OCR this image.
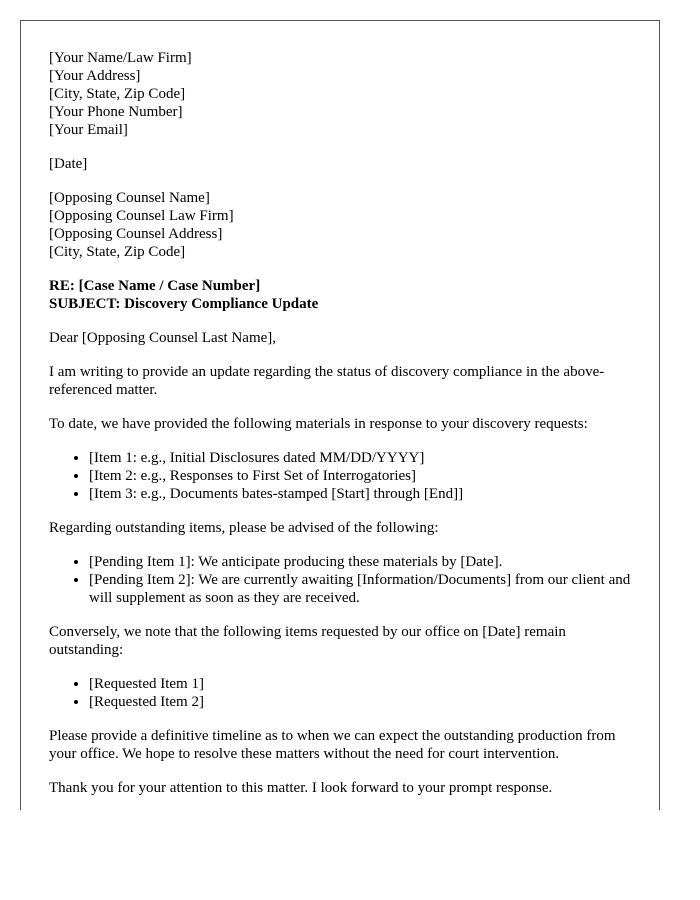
[Your Name/Law Firm]
[Your Address]
[City, State, Zip Code]
[Your Phone Number]
[Your Email]
[Date]
[Opposing Counsel Name]
[Opposing Counsel Law Firm]
[Opposing Counsel Address]
[City, State, Zip Code]
RE: [Case Name / Case Number]
SUBJECT: Discovery Compliance Update

Dear [Opposing Counsel Last Name],

I am writing to provide an update regarding the status of discovery compliance in the above-referenced matter.

To date, we have provided the following materials in response to your discovery requests:

• [Item 1: e.g., Initial Disclosures dated MM/DD/YYYY]
• [Item 2: e.g., Responses to First Set of Interrogatories]
• [Item 3: e.g., Documents bates-stamped [Start] through [End]]

Regarding outstanding items, please be advised of the following:

• [Pending Item 1]: We anticipate producing these materials by [Date].
• [Pending Item 2]: We are currently awaiting [Information/Documents] from our client and will supplement as soon as they are received.

Conversely, we note that the following items requested by our office on [Date] remain outstanding:

• [Requested Item 1]
• [Requested Item 2]

Please provide a definitive timeline as to when we can expect the outstanding production from your office. We hope to resolve these matters without the need for court intervention.

Thank you for your attention to this matter. I look forward to your prompt response.
